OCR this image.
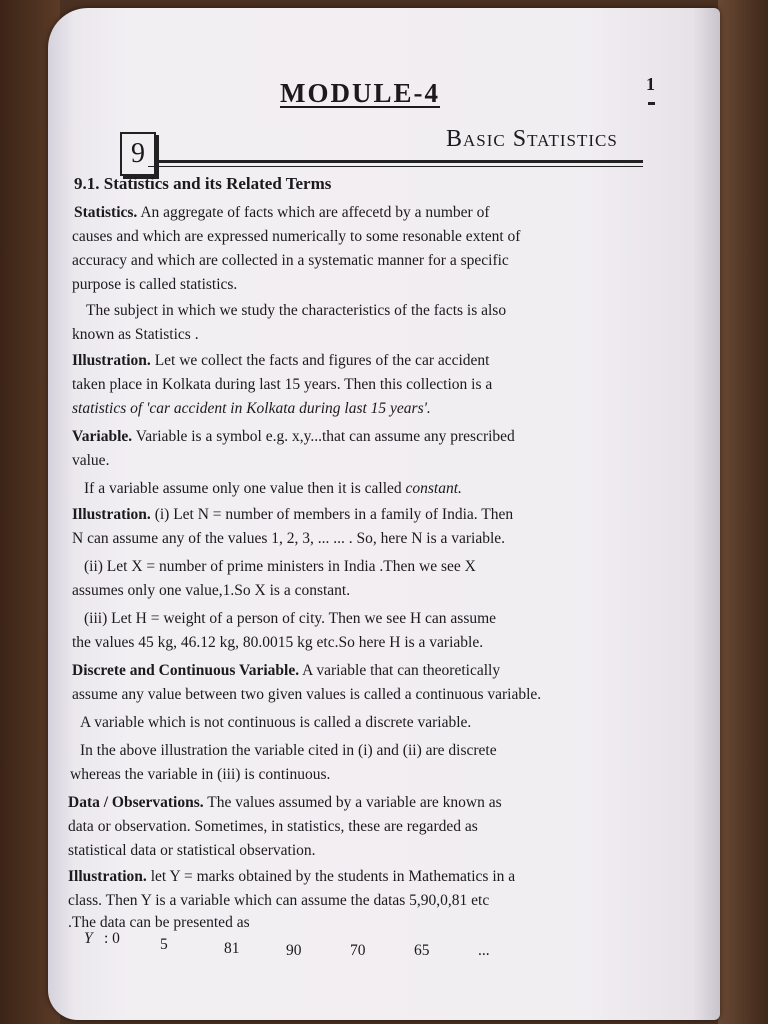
MODULE-4	1
9	Basic Statistics
9.1. Statistics and its Related Terms
Statistics. An aggregate of facts which are affecetd by a number of
causes and which are expressed numerically to some resonable extent of
accuracy and which are collected in a systematic manner for a specific
purpose is called statistics.
The subject in which we study the characteristics of the facts is also
known as Statistics .
Illustration. Let we collect the facts and figures of the car accident
taken place in Kolkata during last 15 years. Then this collection is a
statistics of 'car accident in Kolkata during last 15 years'.
Variable. Variable is a symbol e.g. x,y...that can assume any prescribed
value.
If a variable assume only one value then it is called constant.
Illustration. (i) Let N = number of members in a family of India. Then
N can assume any of the values 1, 2, 3, ... ... . So, here N is a variable.
(ii) Let X = number of prime ministers in India .Then we see X
assumes only one value,1.So X is a constant.
(iii) Let H = weight of a person of city. Then we see H can assume
the values 45 kg, 46.12 kg, 80.0015 kg etc.So here H is a variable.
Discrete and Continuous Variable. A variable that can theoretically
assume any value between two given values is called a continuous variable.
A variable which is not continuous is called a discrete variable.
In the above illustration the variable cited in (i) and (ii) are discrete
whereas the variable in (iii) is continuous.
Data / Observations. The values assumed by a variable are known as
data or observation. Sometimes, in statistics, these are regarded as
statistical data or statistical observation.
Illustration. let Y = marks obtained by the students in Mathematics in a
class. Then Y is a variable which can assume the datas 5,90,0,81 etc
.The data can be presented as
Y : 0	5	81	90	70	65	...
